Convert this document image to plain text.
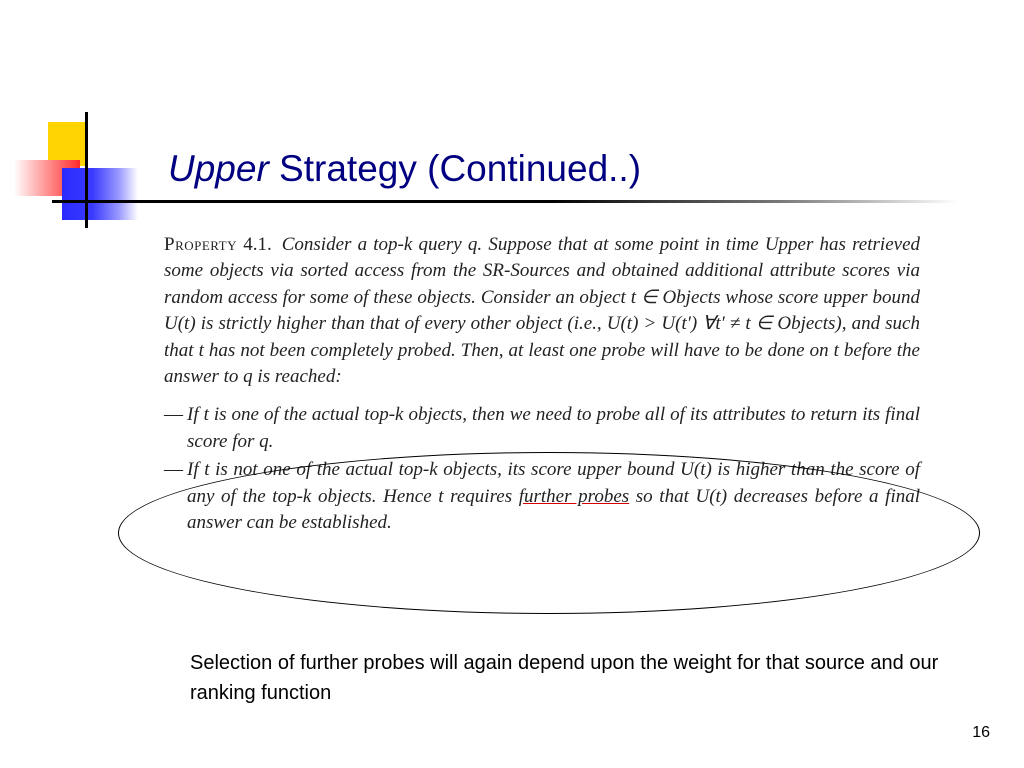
Upper Strategy (Continued..)

Property 4.1. Consider a top-k query q. Suppose that at some point in time Upper has retrieved some objects via sorted access from the SR-Sources and obtained additional attribute scores via random access for some of these objects. Consider an object t ∈ Objects whose score upper bound U(t) is strictly higher than that of every other object (i.e., U(t) > U(t′) ∀t′ ≠ t ∈ Objects), and such that t has not been completely probed. Then, at least one probe will have to be done on t before the answer to q is reached:

— If t is one of the actual top-k objects, then we need to probe all of its attributes to return its final score for q.
— If t is not one of the actual top-k objects, its score upper bound U(t) is higher than the score of any of the top-k objects. Hence t requires further probes so that U(t) decreases before a final answer can be established.
Selection of further probes will again depend upon the weight for that source and our ranking function
16
